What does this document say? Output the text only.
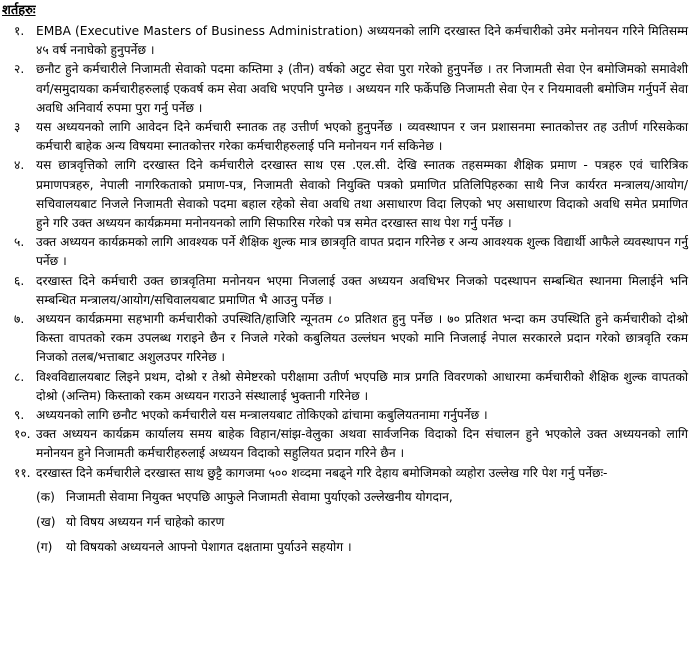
शर्तहरुः
१. EMBA (Executive Masters of Business Administration) अध्ययनको लागि दरखास्त दिने कर्मचारीको उमेर मनोनयन गरिने मितिसम्म ४५ वर्ष ननाघेको हुनुपर्नेछ ।
२. छनौट हुने कर्मचारीले निजामती सेवाको पदमा कम्तिमा ३ (तीन) वर्षको अटुट सेवा पुरा गरेको हुनुपर्नेछ । तर निजामती सेवा ऐन बमोजिमको समावेशी वर्ग/समुदायका कर्मचारीहरुलाई एकवर्ष कम सेवा अवधि भएपनि पुग्नेछ । अध्ययन गरि फर्केपछि निजामती सेवा ऐन र नियमावली बमोजिम गर्नुपर्ने सेवा अवधि अनिवार्य रुपमा पुरा गर्नु पर्नेछ ।
३	यस अध्ययनको लागि आवेदन दिने कर्मचारी स्नातक तह उत्तीर्ण भएको हुनुपर्नेछ । व्यवस्थापन र जन प्रशासनमा स्नातकोत्तर तह उतीर्ण गरिसकेका कर्मचारी बाहेक अन्य विषयमा स्नातकोत्तर गरेका कर्मचारीहरुलाई पनि मनोनयन गर्न सकिनेछ ।
४. यस छात्रवृत्तिको लागि दरखास्त दिने कर्मचारीले दरखास्त साथ एस .एल.सी. देखि स्नातक तहसम्मका शैक्षिक प्रमाण - पत्रहरु एवं चारित्रिक प्रमाणपत्रहरु, नेपाली नागरिकताको प्रमाण-पत्र, निजामती सेवाको नियुक्ति पत्रको प्रमाणित प्रतिलिपिहरुका साथै निज कार्यरत मन्त्रालय/आयोग/सचिवालयबाट निजले निजामती सेवाको पदमा बहाल रहेको सेवा अवधि तथा असाधारण विदा लिएको भए असाधारण विदाको अवधि समेत प्रमाणित हुने गरि उक्त अध्ययन कार्यक्रममा मनोनयनको लागि सिफारिस गरेको पत्र समेत दरखास्त साथ पेश गर्नु पर्नेछ ।
५. उक्त अध्ययन कार्यक्रमको लागि आवश्यक पर्ने शैक्षिक शुल्क मात्र छात्रवृति वापत प्रदान गरिनेछ र अन्य आवश्यक शुल्क विद्यार्थी आफैले व्यवस्थापन गर्नु पर्नेछ ।
६. दरखास्त दिने कर्मचारी उक्त छात्रवृतिमा मनोनयन भएमा निजलाई उक्त अध्ययन अवधिभर निजको पदस्थापन सम्बन्धित स्थानमा मिलाईने भनि सम्बन्धित मन्त्रालय/आयोग/सचिवालयबाट प्रमाणित भै आउनु पर्नेछ ।
७. अध्ययन कार्यक्रममा सहभागी कर्मचारीको उपस्थिति/हाजिरि न्यूनतम ८० प्रतिशत हुनु पर्नेछ । ७० प्रतिशत भन्दा कम उपस्थिति हुने कर्मचारीको दोश्रो किस्ता वापतको रकम उपलब्ध गराइने छैन र निजले गरेको कबुलियत उल्लंघन भएको मानि निजलाई नेपाल सरकारले प्रदान गरेको छात्रवृति रकम निजको तलब/भत्ताबाट अशुलउपर गरिनेछ ।
८. विश्वविद्यालयबाट लिइने प्रथम, दोश्रो र तेश्रो सेमेष्टरको परीक्षामा उतीर्ण भएपछि मात्र प्रगति विवरणको आधारमा कर्मचारीको शैक्षिक शुल्क वापतको दोश्रो (अन्तिम) किस्ताको रकम अध्ययन गराउने संस्थालाई भुक्तानी गरिनेछ ।
९. अध्ययनको लागि छनौट भएको कर्मचारीले यस मन्त्रालयबाट तोकिएको ढांचामा कबुलियतनामा गर्नुपर्नेछ ।
१०. उक्त अध्ययन कार्यक्रम कार्यालय समय बाहेक विहान/सांझ-वेलुका अथवा सार्वजनिक विदाको दिन संचालन हुने भएकोले उक्त अध्ययनको लागि मनोनयन हुने निजामती कर्मचारीहरुलाई अध्ययन विदाको सहुलियत प्रदान गरिने छैन ।
११. दरखास्त दिने कर्मचारीले दरखास्त साथ छुट्टै कागजमा ५०० शव्दमा नबढ्ने गरि देहाय बमोजिमको व्यहोरा उल्लेख गरि पेश गर्नु पर्नेछः-
(क) निजामती सेवामा नियुक्त भएपछि आफुले निजामती सेवामा पुर्याएको उल्लेखनीय योगदान,
(ख) यो विषय अध्ययन गर्न चाहेको कारण
(ग)	यो विषयको अध्ययनले आफ्नो पेशागत दक्षतामा पुर्याउने सहयोग ।
